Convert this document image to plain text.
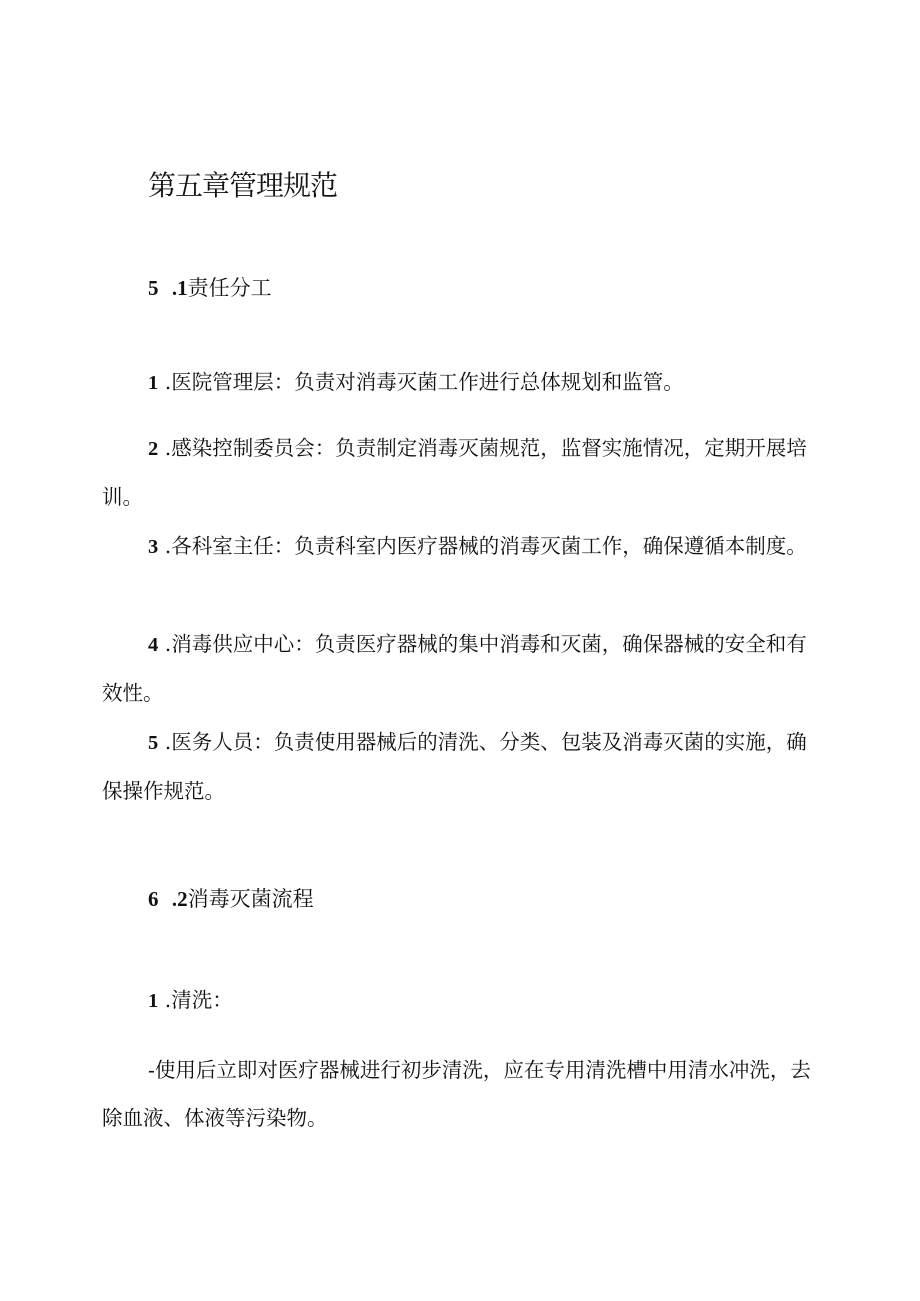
第五章管理规范
5 .1责任分工

1 .医院管理层：负责对消毒灭菌工作进行总体规划和监管。

2 .感染控制委员会：负责制定消毒灭菌规范，监督实施情况，定期开展培训。

3 .各科室主任：负责科室内医疗器械的消毒灭菌工作，确保遵循本制度。

4 .消毒供应中心：负责医疗器械的集中消毒和灭菌，确保器械的安全和有效性。

5 .医务人员：负责使用器械后的清洗、分类、包装及消毒灭菌的实施，确保操作规范。

6 .2消毒灭菌流程

1 .清洗：

-使用后立即对医疗器械进行初步清洗，应在专用清洗槽中用清水冲洗，去除血液、体液等污染物。
